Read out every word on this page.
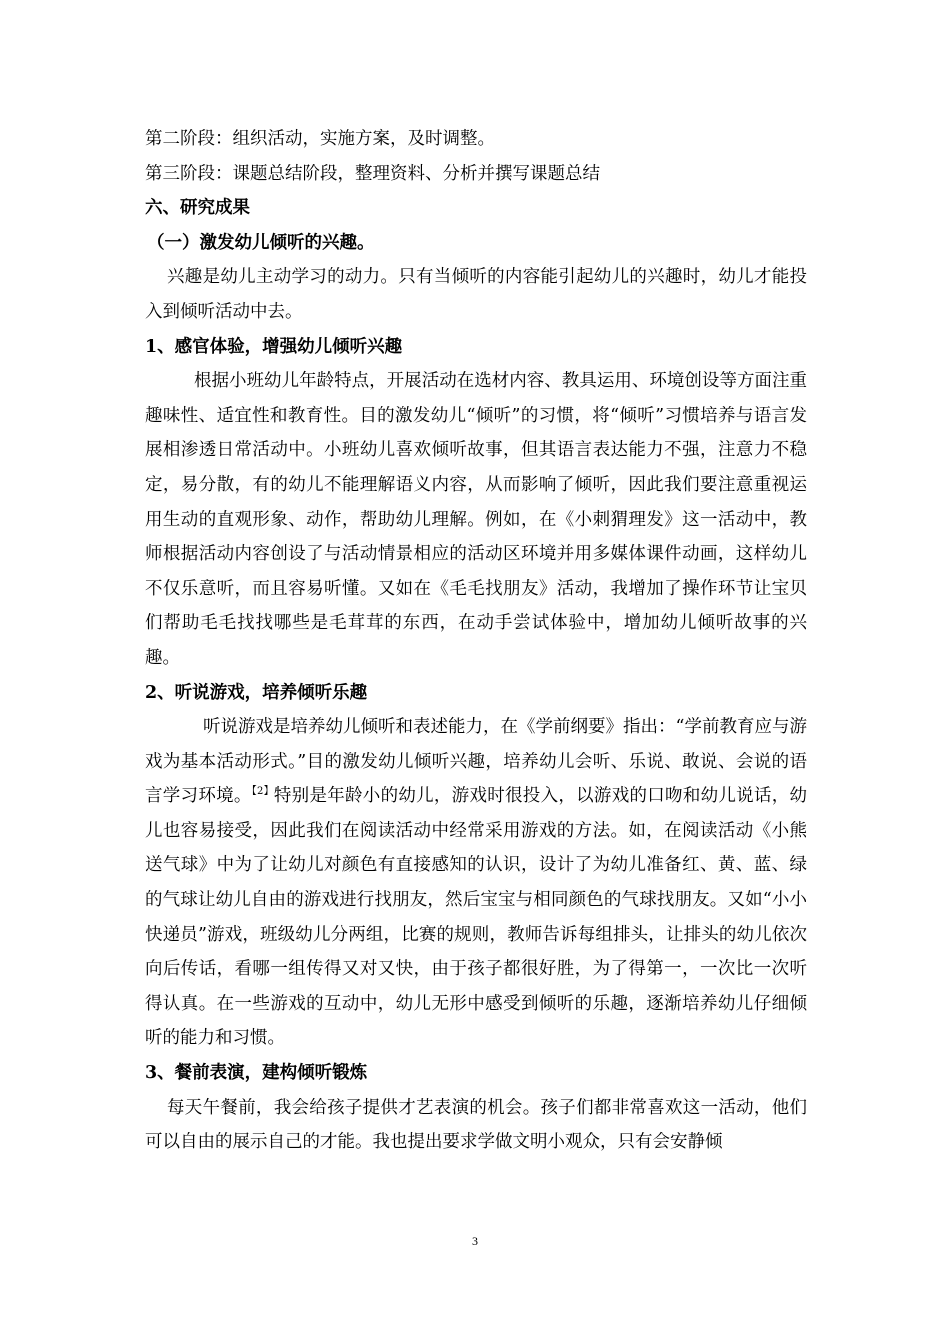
第二阶段：组织活动，实施方案，及时调整。
第三阶段：课题总结阶段，整理资料、分析并撰写课题总结
六、研究成果
（一）激发幼儿倾听的兴趣。

兴趣是幼儿主动学习的动力。只有当倾听的内容能引起幼儿的兴趣时，幼儿才能投入到倾听活动中去。

1、感官体验，增强幼儿倾听兴趣

根据小班幼儿年龄特点，开展活动在选材内容、教具运用、环境创设等方面注重趣味性、适宜性和教育性。目的激发幼儿“倾听”的习惯，将“倾听”习惯培养与语言发展相渗透日常活动中。小班幼儿喜欢倾听故事，但其语言表达能力不强，注意力不稳定，易分散，有的幼儿不能理解语义内容，从而影响了倾听，因此我们要注意重视运用生动的直观形象、动作，帮助幼儿理解。例如，在《小刺猬理发》这一活动中，教师根据活动内容创设了与活动情景相应的活动区环境并用多媒体课件动画，这样幼儿不仅乐意听，而且容易听懂。又如在《毛毛找朋友》活动，我增加了操作环节让宝贝们帮助毛毛找找哪些是毛茸茸的东西，在动手尝试体验中，增加幼儿倾听故事的兴趣。

2、听说游戏，培养倾听乐趣

听说游戏是培养幼儿倾听和表述能力，在《学前纲要》指出：“学前教育应与游戏为基本活动形式。”目的激发幼儿倾听兴趣，培养幼儿会听、乐说、敢说、会说的语言学习环境。$^{【2】}$特别是年龄小的幼儿，游戏时很投入，以游戏的口吻和幼儿说话，幼儿也容易接受，因此我们在阅读活动中经常采用游戏的方法。如，在阅读活动《小熊送气球》中为了让幼儿对颜色有直接感知的认识，设计了为幼儿准备红、黄、蓝、绿的气球让幼儿自由的游戏进行找朋友，然后宝宝与相同颜色的气球找朋友。又如“小小快递员”游戏，班级幼儿分两组，比赛的规则，教师告诉每组排头，让排头的幼儿依次向后传话，看哪一组传得又对又快，由于孩子都很好胜，为了得第一，一次比一次听得认真。在一些游戏的互动中，幼儿无形中感受到倾听的乐趣，逐渐培养幼儿仔细倾听的能力和习惯。

3、餐前表演，建构倾听锻炼

每天午餐前，我会给孩子提供才艺表演的机会。孩子们都非常喜欢这一活动，他们可以自由的展示自己的才能。我也提出要求学做文明小观众，只有会安静倾

3
